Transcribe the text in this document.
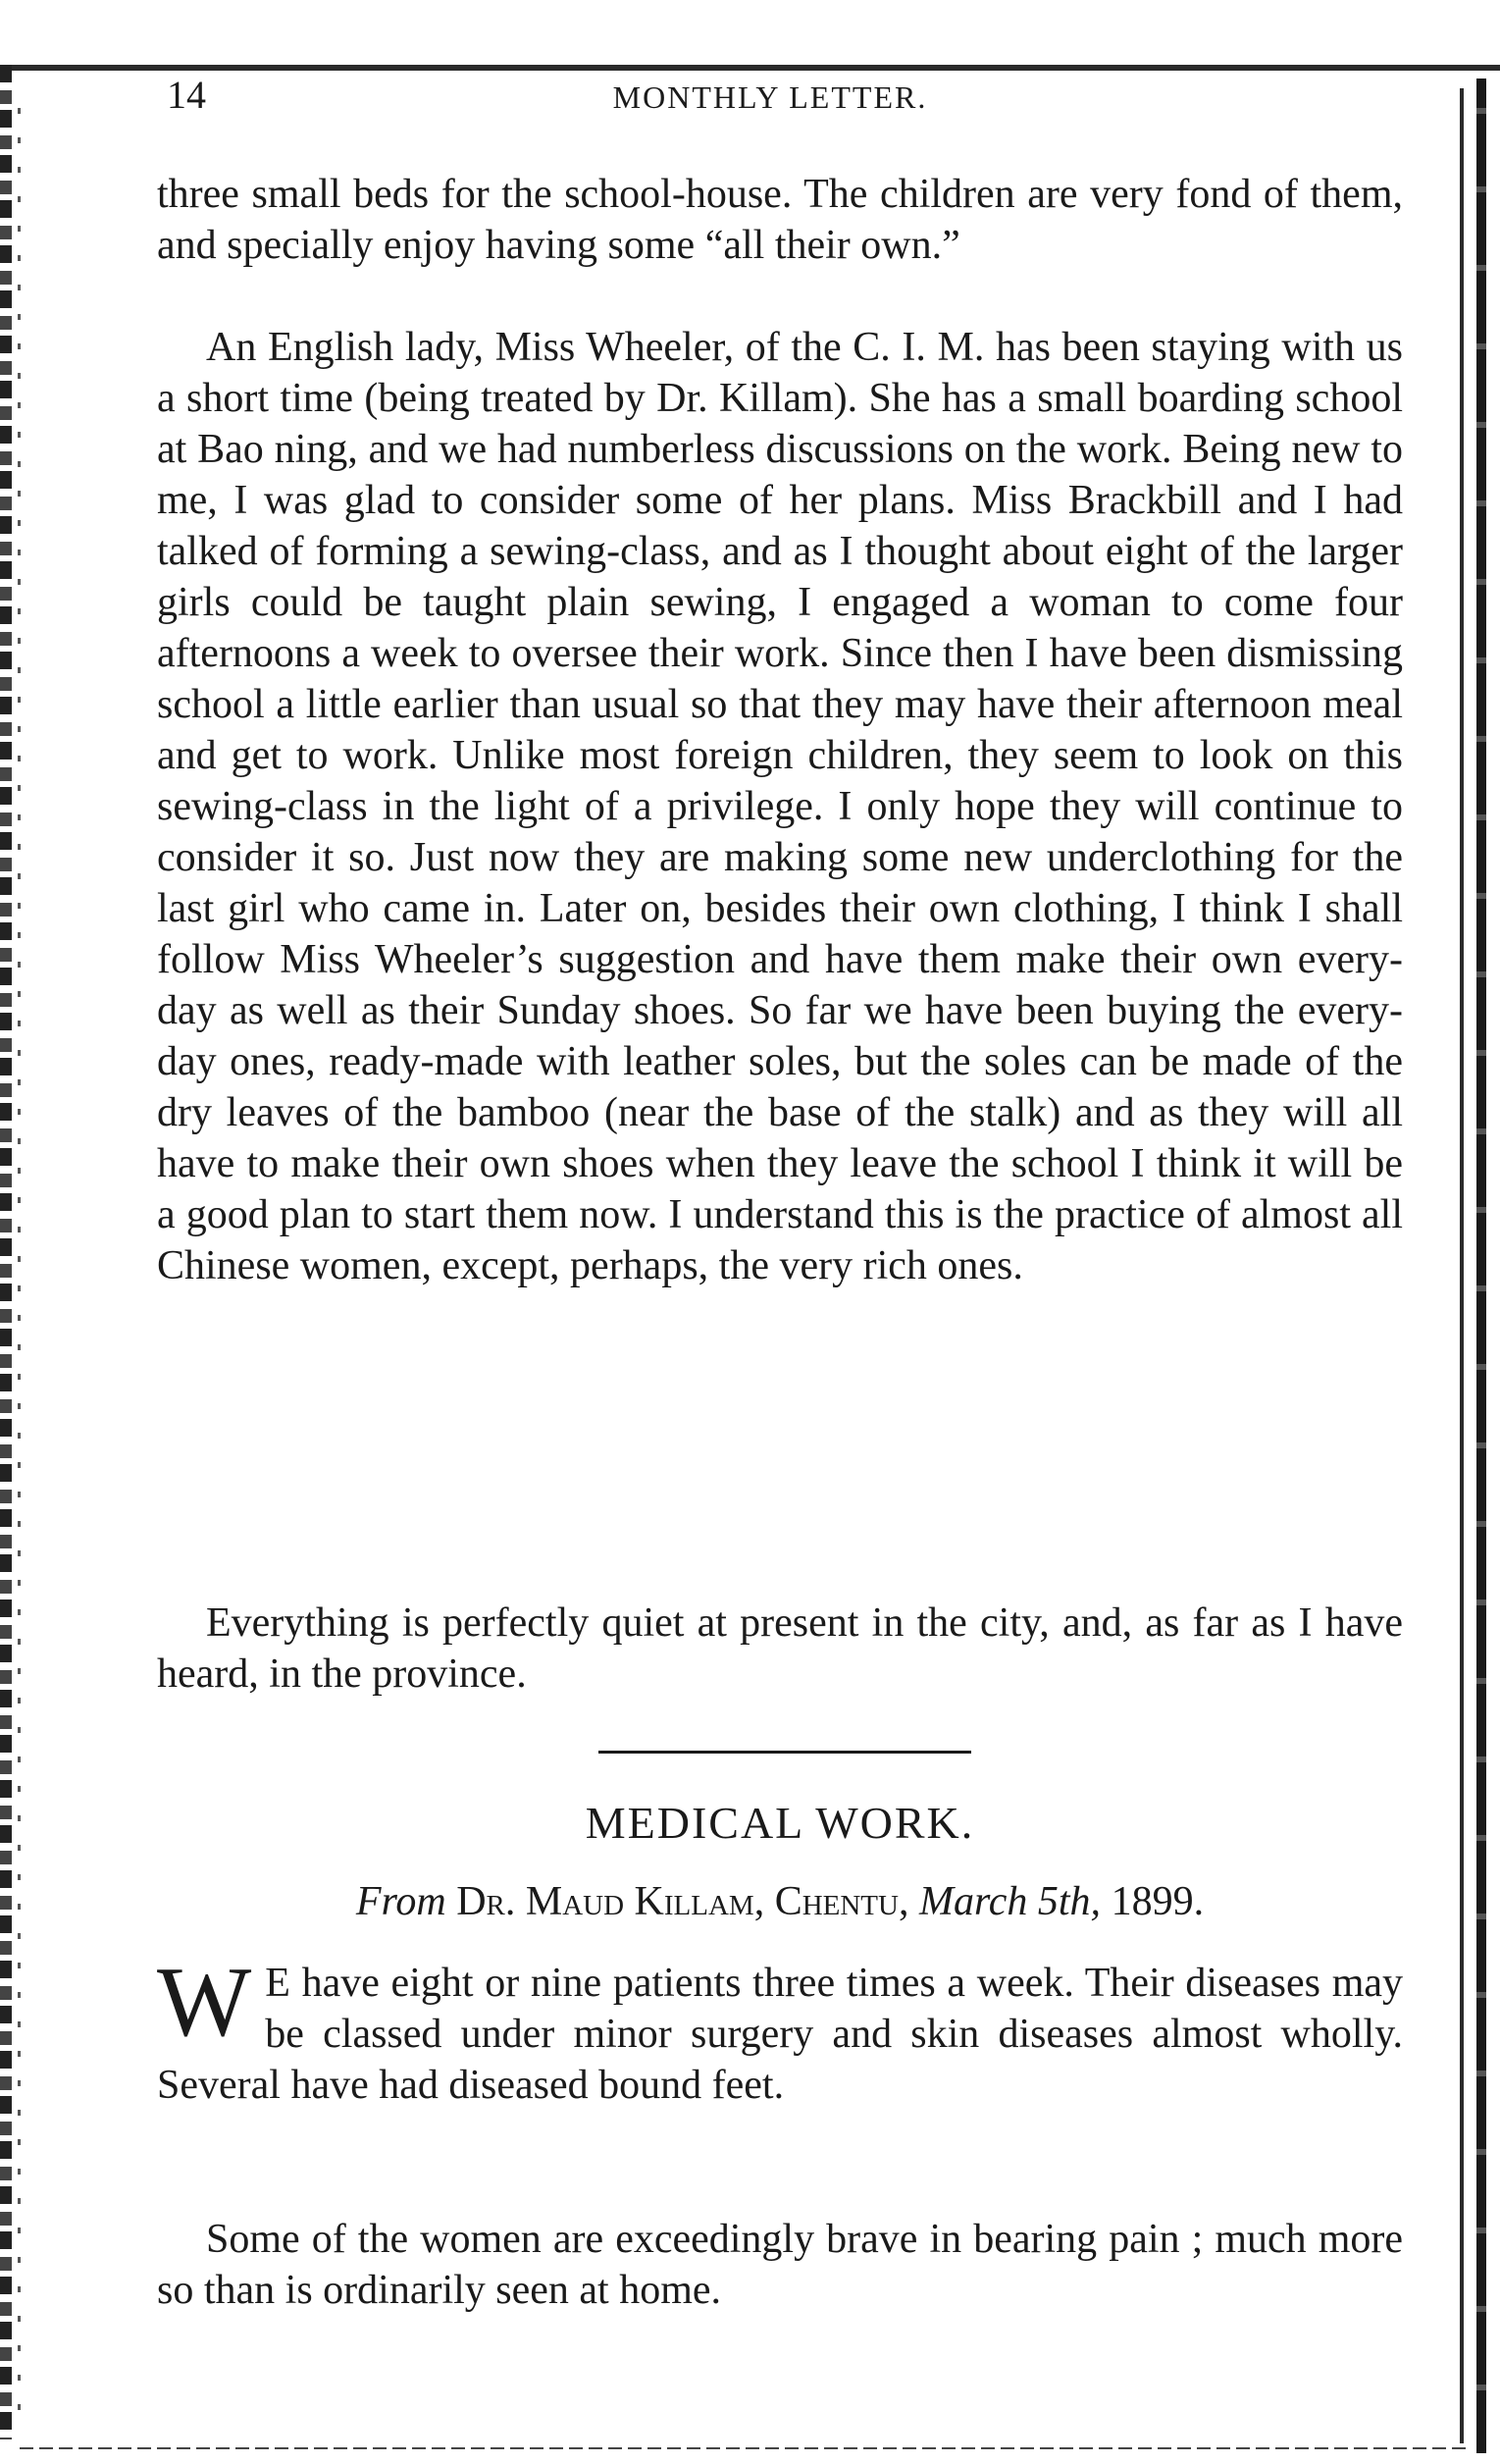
14	MONTHLY LETTER.

three small beds for the school-house. The children are very fond of them, and specially enjoy having some “all their own.”

An English lady, Miss Wheeler, of the C. I. M. has been staying with us a short time (being treated by Dr. Killam). She has a small boarding school at Bao ning, and we had numberless discussions on the work. Being new to me, I was glad to consider some of her plans. Miss Brackbill and I had talked of forming a sewing-class, and as I thought about eight of the larger girls could be taught plain sewing, I engaged a woman to come four afternoons a week to oversee their work. Since then I have been dismissing school a little earlier than usual so that they may have their afternoon meal and get to work. Unlike most foreign children, they seem to look on this sewing-class in the light of a privilege. I only hope they will continue to consider it so. Just now they are making some new underclothing for the last girl who came in. Later on, besides their own clothing, I think I shall follow Miss Wheeler’s suggestion and have them make their own every-day as well as their Sunday shoes. So far we have been buying the every-day ones, ready-made with leather soles, but the soles can be made of the dry leaves of the bamboo (near the base of the stalk) and as they will all have to make their own shoes when they leave the school I think it will be a good plan to start them now. I understand this is the practice of almost all Chinese women, except, perhaps, the very rich ones.

Everything is perfectly quiet at present in the city, and, as far as I have heard, in the province.

MEDICAL WORK.

From Dr. Maud Killam, Chentu, March 5th, 1899.

WE have eight or nine patients three times a week. Their diseases may be classed under minor surgery and skin diseases almost wholly. Several have had diseased bound feet.

Some of the women are exceedingly brave in bearing pain ; much more so than is ordinarily seen at home.
